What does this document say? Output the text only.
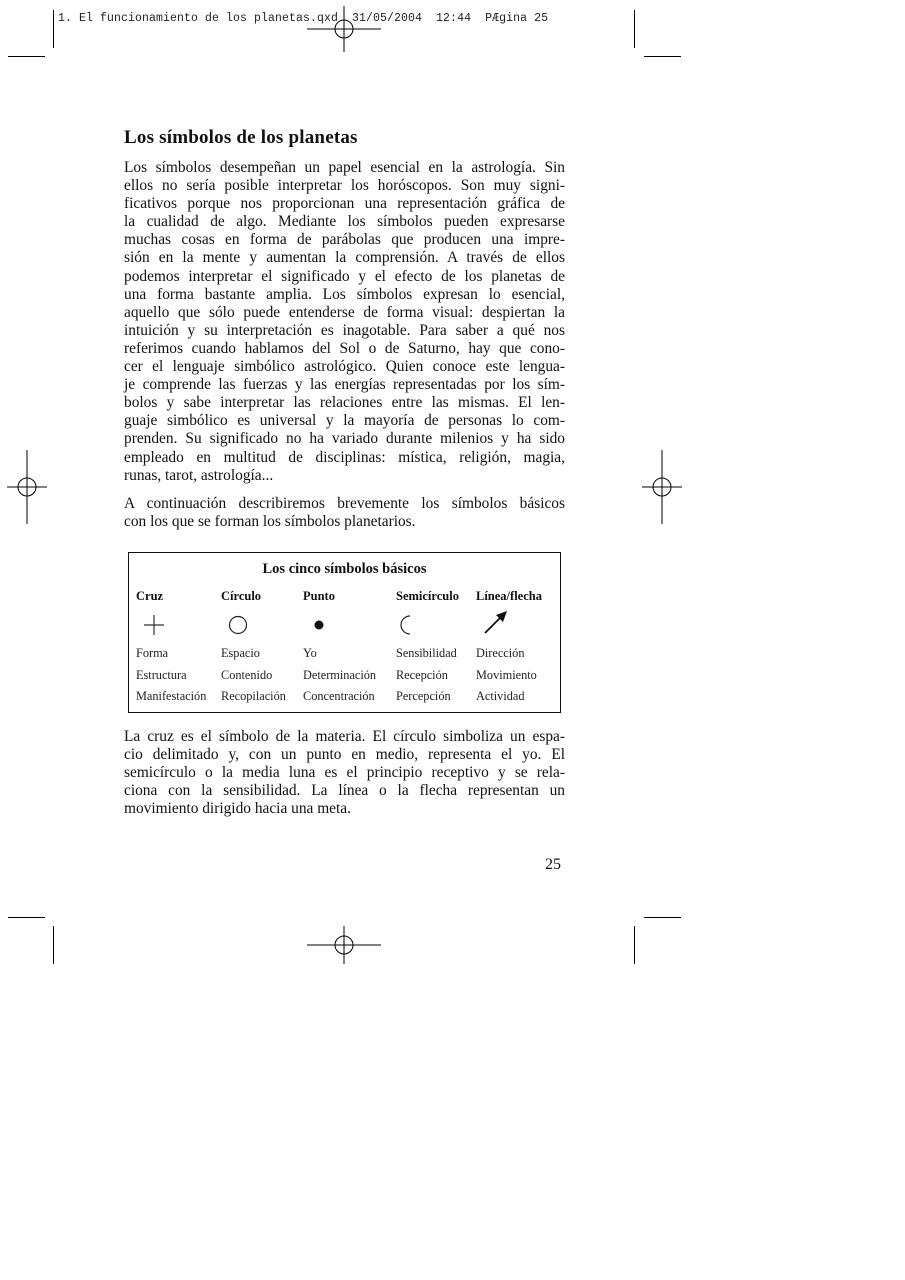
1. El funcionamiento de los planetas.qxd  31/05/2004  12:44  PÆgina 25
Los símbolos de los planetas
Los símbolos desempeñan un papel esencial en la astrología. Sin
ellos no sería posible interpretar los horóscopos. Son muy signi-
ficativos porque nos proporcionan una representación gráfica de
la cualidad de algo. Mediante los símbolos pueden expresarse
muchas cosas en forma de parábolas que producen una impre-
sión en la mente y aumentan la comprensión. A través de ellos
podemos interpretar el significado y el efecto de los planetas de
una forma bastante amplia. Los símbolos expresan lo esencial,
aquello que sólo puede entenderse de forma visual: despiertan la
intuición y su interpretación es inagotable. Para saber a qué nos
referimos cuando hablamos del Sol o de Saturno, hay que cono-
cer el lenguaje simbólico astrológico. Quien conoce este lengua-
je comprende las fuerzas y las energías representadas por los sím-
bolos y sabe interpretar las relaciones entre las mismas. El len-
guaje simbólico es universal y la mayoría de personas lo com-
prenden. Su significado no ha variado durante milenios y ha sido
empleado en multitud de disciplinas: mística, religión, magia,
runas, tarot, astrología...
A continuación describiremos brevemente los símbolos básicos
con los que se forman los símbolos planetarios.
Los cinco símbolos básicos
Cruz
Forma
Estructura
Manifestación
Círculo
Espacio
Contenido
Recopilación
Punto
Yo
Determinación
Concentración
Semicírculo
Sensibilidad
Recepción
Percepción
Línea/flecha
Dirección
Movimiento
Actividad
La cruz es el símbolo de la materia. El círculo simboliza un espa-
cio delimitado y, con un punto en medio, representa el yo. El
semicírculo o la media luna es el principio receptivo y se rela-
ciona con la sensibilidad. La línea o la flecha representan un
movimiento dirigido hacia una meta.
25
